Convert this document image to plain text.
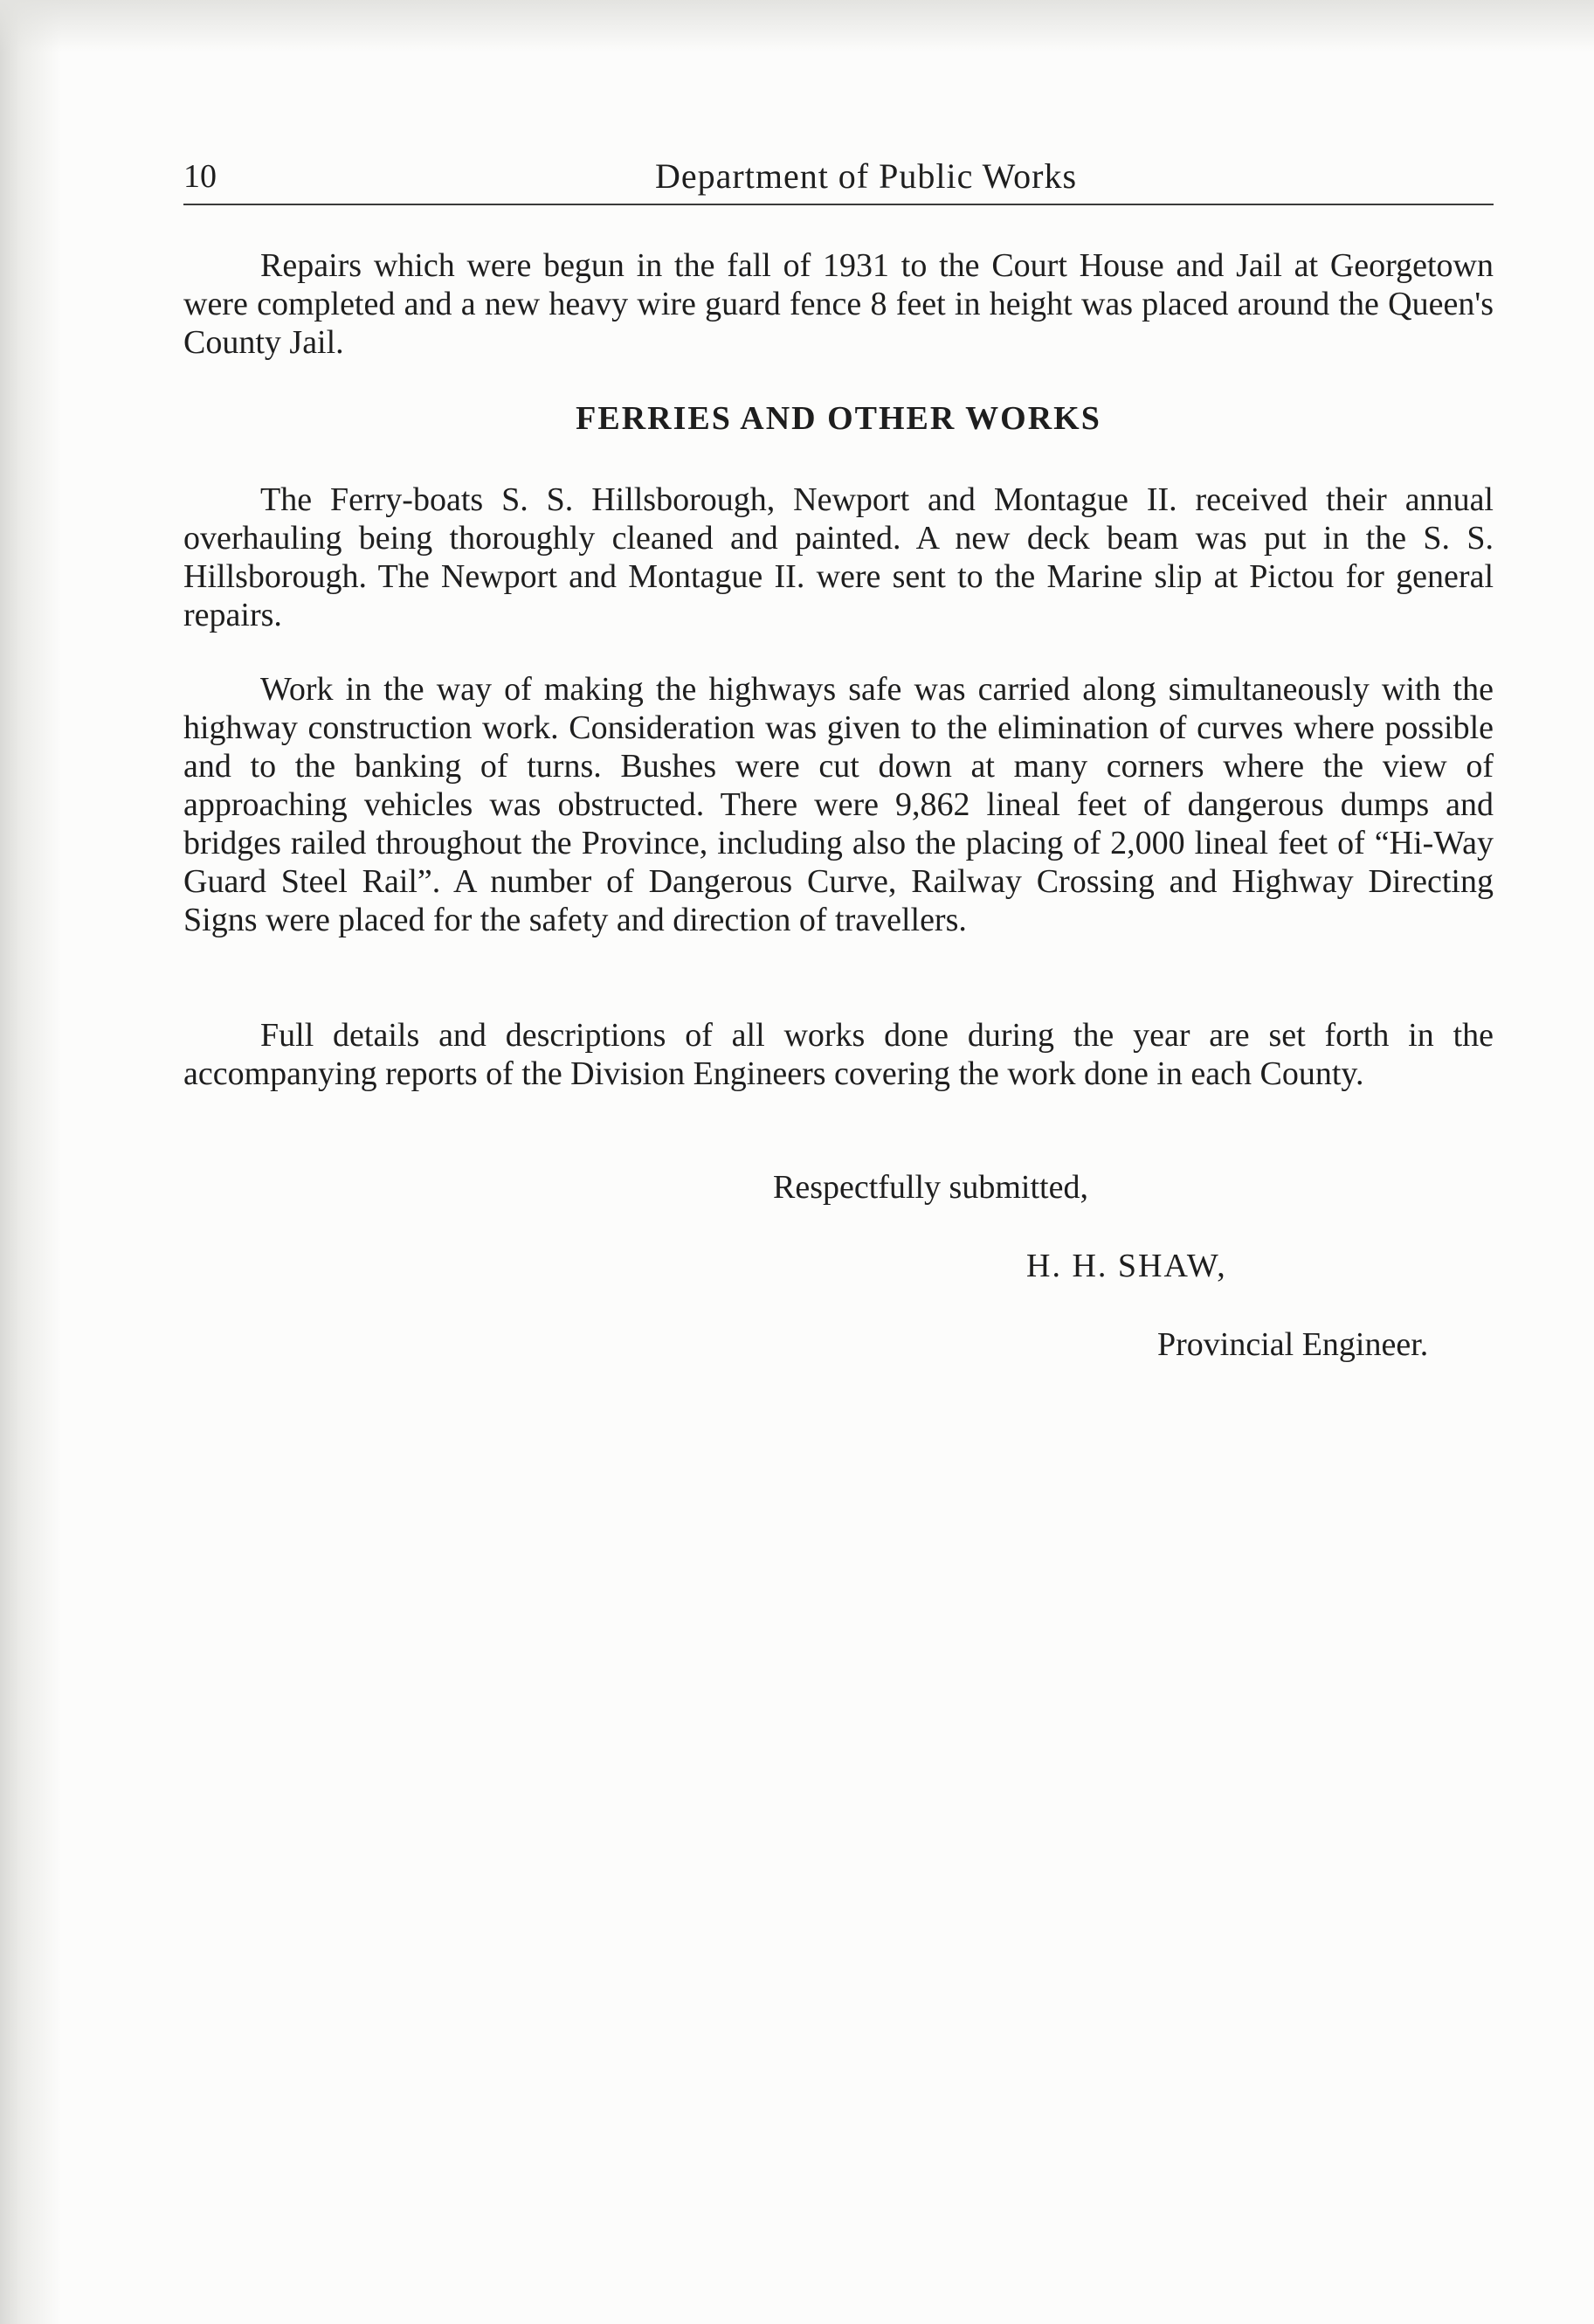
10	Department of Public Works

Repairs which were begun in the fall of 1931 to the Court House and Jail at Georgetown were completed and a new heavy wire guard fence 8 feet in height was placed around the Queen's County Jail.

FERRIES AND OTHER WORKS

The Ferry-boats S. S. Hillsborough, Newport and Montague II. received their annual overhauling being thoroughly cleaned and painted. A new deck beam was put in the S. S. Hillsborough. The Newport and Montague II. were sent to the Marine slip at Pictou for general repairs.

Work in the way of making the highways safe was carried along simultaneously with the highway construction work. Consideration was given to the elimination of curves where possible and to the banking of turns. Bushes were cut down at many corners where the view of approaching vehicles was obstructed. There were 9,862 lineal feet of dangerous dumps and bridges railed throughout the Province, including also the placing of 2,000 lineal feet of “Hi-Way Guard Steel Rail”. A number of Dangerous Curve, Railway Crossing and Highway Directing Signs were placed for the safety and direction of travellers.

Full details and descriptions of all works done during the year are set forth in the accompanying reports of the Division Engineers covering the work done in each County.

Respectfully submitted,

H. H. SHAW,

Provincial Engineer.
